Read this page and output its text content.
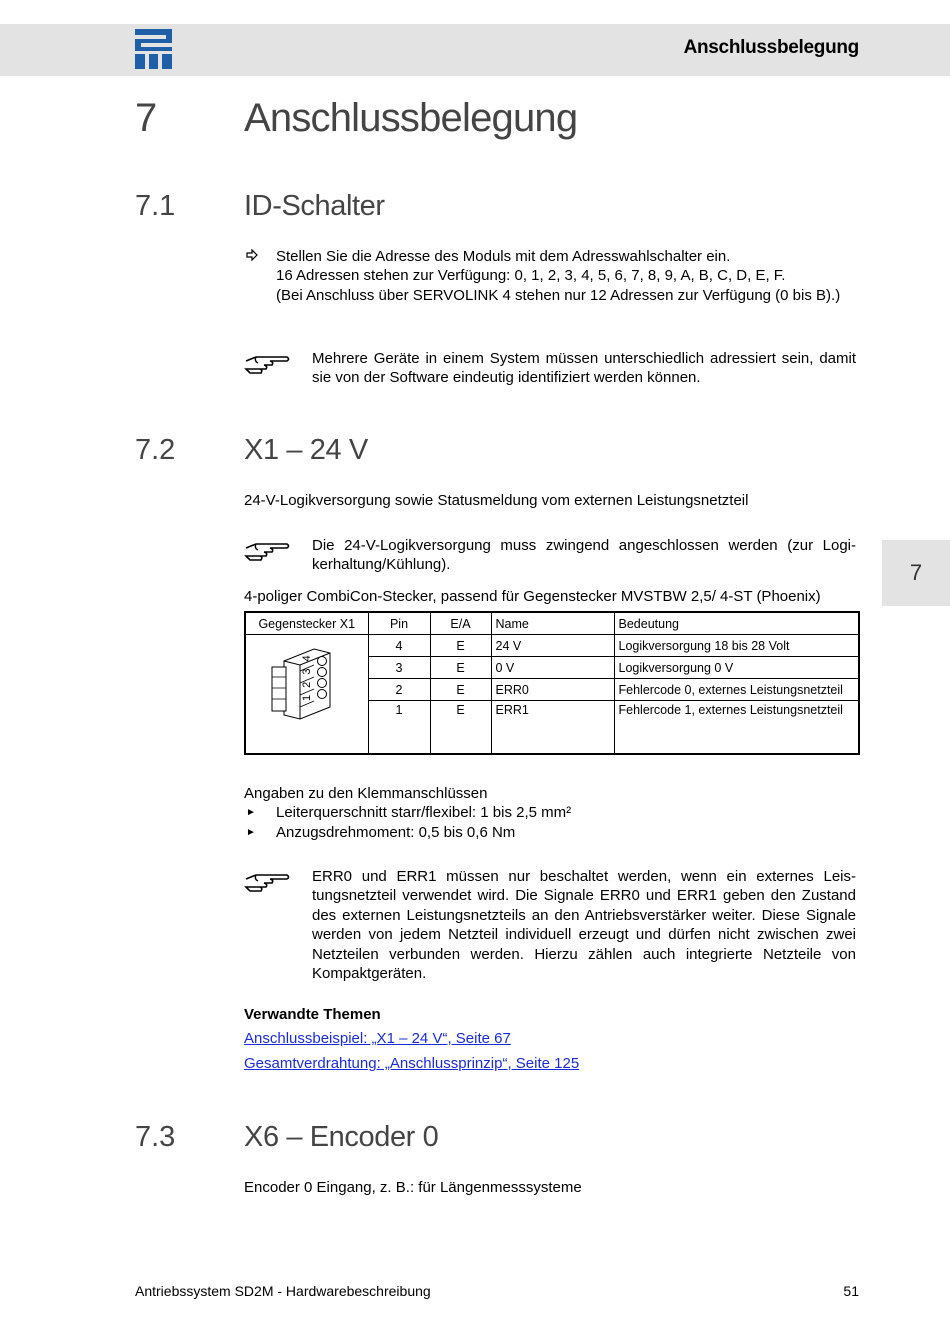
Anschlussbelegung
7 Anschlussbelegung
7
7.1 ID-Schalter
Stellen Sie die Adresse des Moduls mit dem Adresswahlschalter ein.
16 Adressen stehen zur Verfügung: 0, 1, 2, 3, 4, 5, 6, 7, 8, 9, A, B, C, D, E, F.
(Bei Anschluss über SERVOLINK 4 stehen nur 12 Adressen zur Verfügung (0 bis B).)
Mehrere Geräte in einem System müssen unterschiedlich adressiert sein, damit sie von der Software eindeutig identifiziert werden können.
7.2 X1 – 24 V
24-V-Logikversorgung sowie Statusmeldung vom externen Leistungsnetzteil
Die 24-V-Logikversorgung muss zwingend angeschlossen werden (zur Logi-kerhaltung/Kühlung).
4-poliger CombiCon-Stecker, passend für Gegenstecker MVSTBW 2,5/ 4-ST (Phoenix)
Gegenstecker X1	Pin	E/A	Name	Bedeutung

1 2 3 4	4	E	24 V	Logikversorgung 18 bis 28 Volt
	3	E	0 V	Logikversorgung 0 V
	2	E	ERR0	Fehlercode 0, externes Leistungsnetzteil
	1	E	ERR1	Fehlercode 1, externes Leistungsnetzteil
Angaben zu den Klemmanschlüssen
► Leiterquerschnitt starr/flexibel: 1 bis 2,5 mm²
► Anzugsdrehmoment: 0,5 bis 0,6 Nm
ERR0 und ERR1 müssen nur beschaltet werden, wenn ein externes Leis-tungsnetzteil verwendet wird. Die Signale ERR0 und ERR1 geben den Zustand des externen Leistungsnetzteils an den Antriebsverstärker weiter. Diese Signale werden von jedem Netzteil individuell erzeugt und dürfen nicht zwischen zwei Netzteilen verbunden werden. Hierzu zählen auch integrierte Netzteile von Kompaktgeräten.
Verwandte Themen
Anschlussbeispiel: „X1 – 24 V“, Seite 67
Gesamtverdrahtung: „Anschlussprinzip“, Seite 125
7.3 X6 – Encoder 0
Encoder 0 Eingang, z. B.: für Längenmesssysteme
Antriebssystem SD2M - Hardwarebeschreibung	51
